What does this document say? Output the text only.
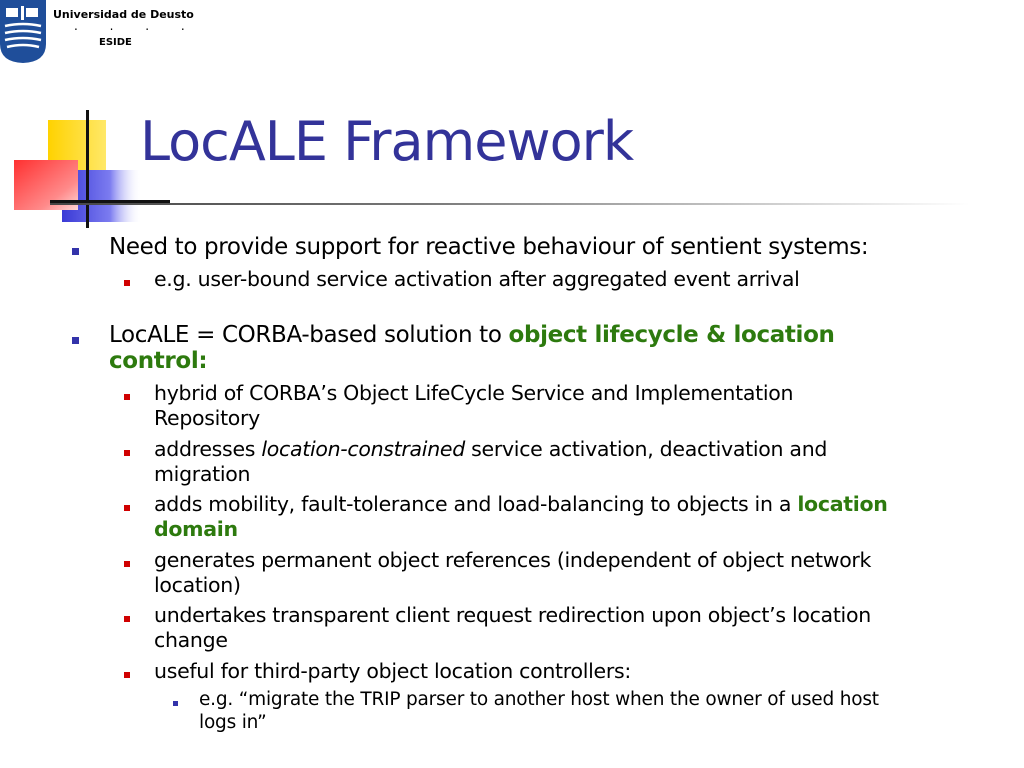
Universidad de Deusto
. . . .
ESIDE
LocALE Framework
Need to provide support for reactive behaviour of sentient systems:
e.g. user-bound service activation after aggregated event arrival
LocALE = CORBA-based solution to object lifecycle & location
control:
hybrid of CORBA’s Object LifeCycle Service and Implementation
Repository
addresses location-constrained service activation, deactivation and
migration
adds mobility, fault-tolerance and load-balancing to objects in a location
domain
generates permanent object references (independent of object network
location)
undertakes transparent client request redirection upon object’s location
change
useful for third-party object location controllers:
e.g. “migrate the TRIP parser to another host when the owner of used host
logs in”
